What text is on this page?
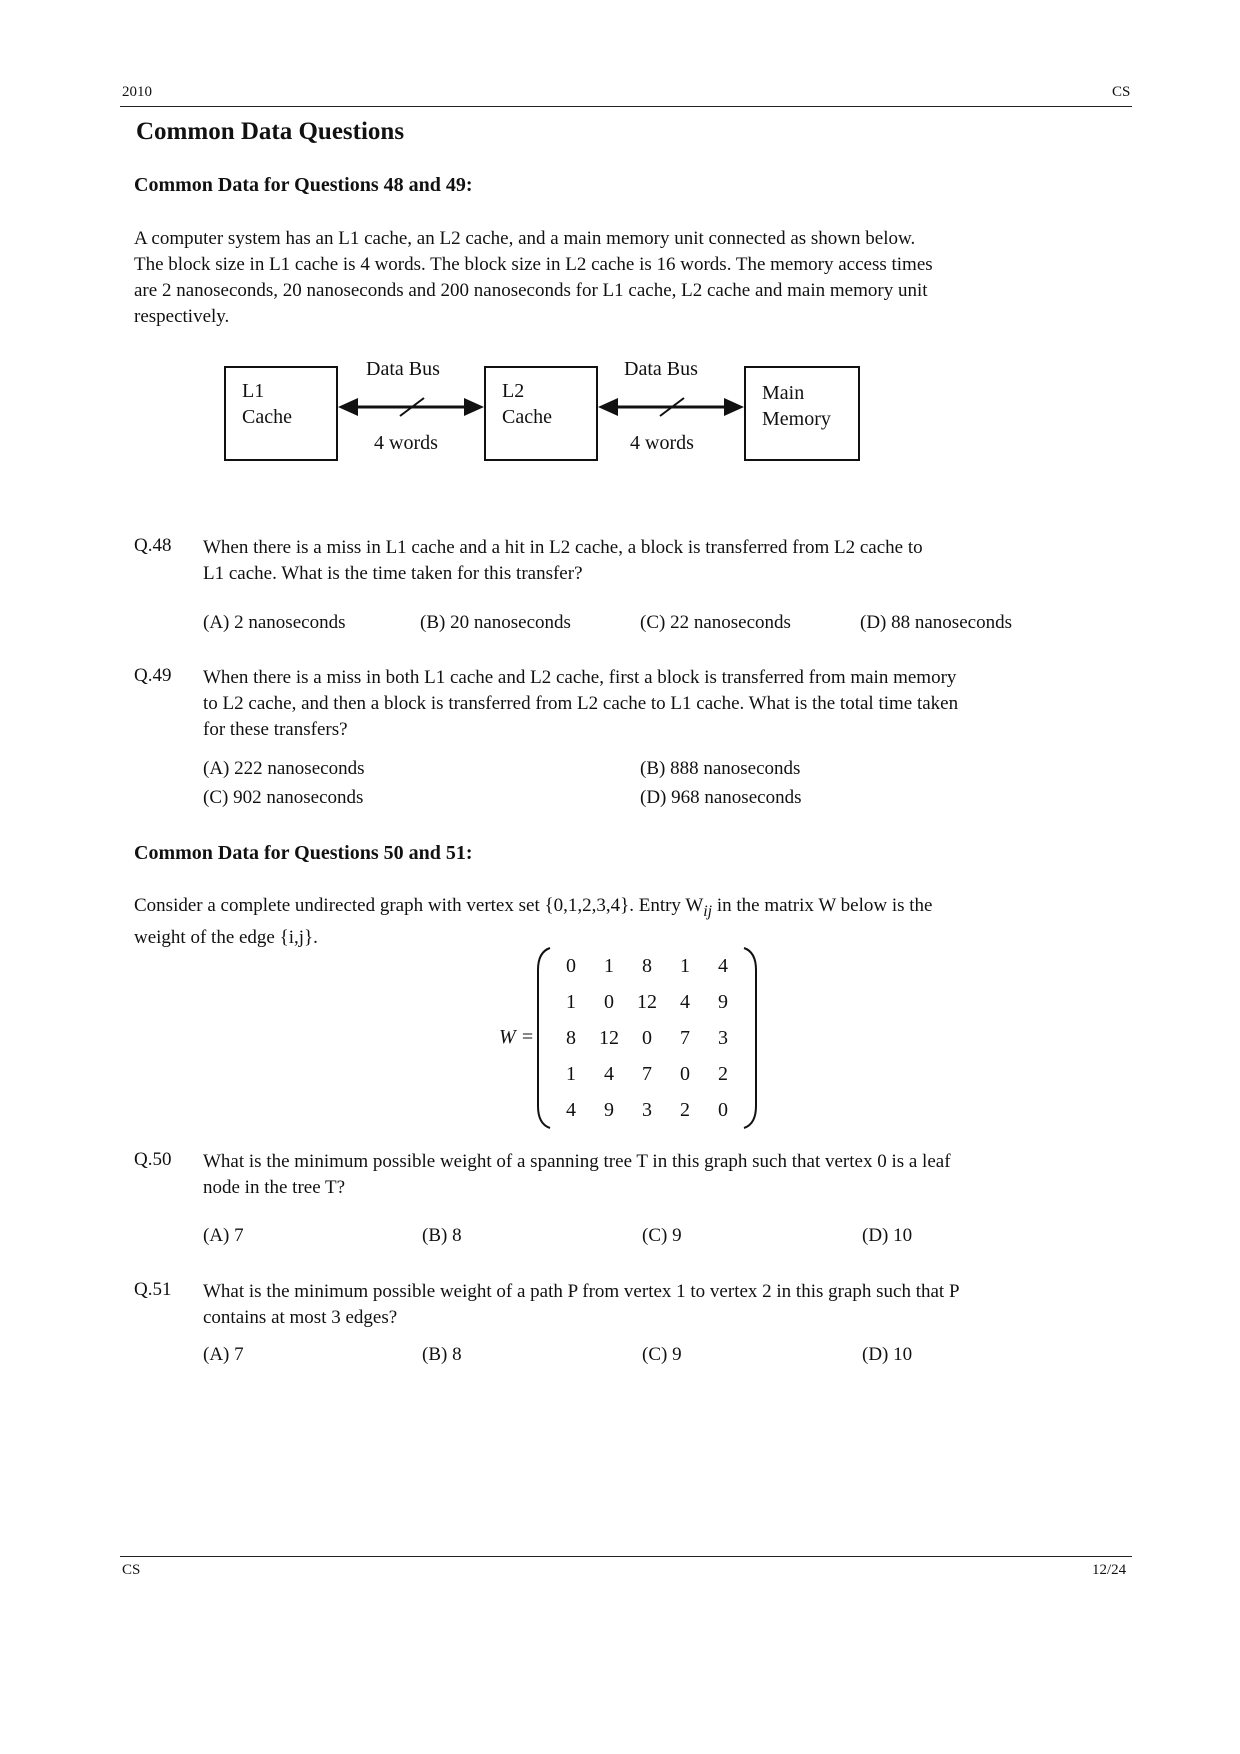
2010	CS
Common Data Questions
Common Data for Questions 48 and 49:
A computer system has an L1 cache, an L2 cache, and a main memory unit connected as shown below.
The block size in L1 cache is 4 words. The block size in L2 cache is 16 words. The memory access times
are 2 nanoseconds, 20 nanoseconds and 200 nanoseconds for L1 cache, L2 cache and main memory unit
respectively.
L1
Cache
L2
Cache
Main
Memory
Data Bus
4 words
Data Bus
4 words
Q.48 When there is a miss in L1 cache and a hit in L2 cache, a block is transferred from L2 cache to
L1 cache. What is the time taken for this transfer?
(A) 2 nanoseconds	(B) 20 nanoseconds	(C) 22 nanoseconds	(D) 88 nanoseconds
Q.49 When there is a miss in both L1 cache and L2 cache, first a block is transferred from main memory
to L2 cache, and then a block is transferred from L2 cache to L1 cache. What is the total time taken
for these transfers?
(A) 222 nanoseconds	(B) 888 nanoseconds
(C) 902 nanoseconds	(D) 968 nanoseconds
Common Data for Questions 50 and 51:
Consider a complete undirected graph with vertex set {0,1,2,3,4}. Entry $W_{ij}$ in the matrix W below is the
weight of the edge {i,j}.
W =
0	1	8	1	4
1	0	12	4	9
8	12	0	7	3
1	4	7	0	2
4	9	3	2	0
Q.50 What is the minimum possible weight of a spanning tree T in this graph such that vertex 0 is a leaf
node in the tree T?
(A) 7	(B) 8	(C) 9	(D) 10
Q.51 What is the minimum possible weight of a path P from vertex 1 to vertex 2 in this graph such that P
contains at most 3 edges?
(A) 7	(B) 8	(C) 9	(D) 10
CS	12/24
